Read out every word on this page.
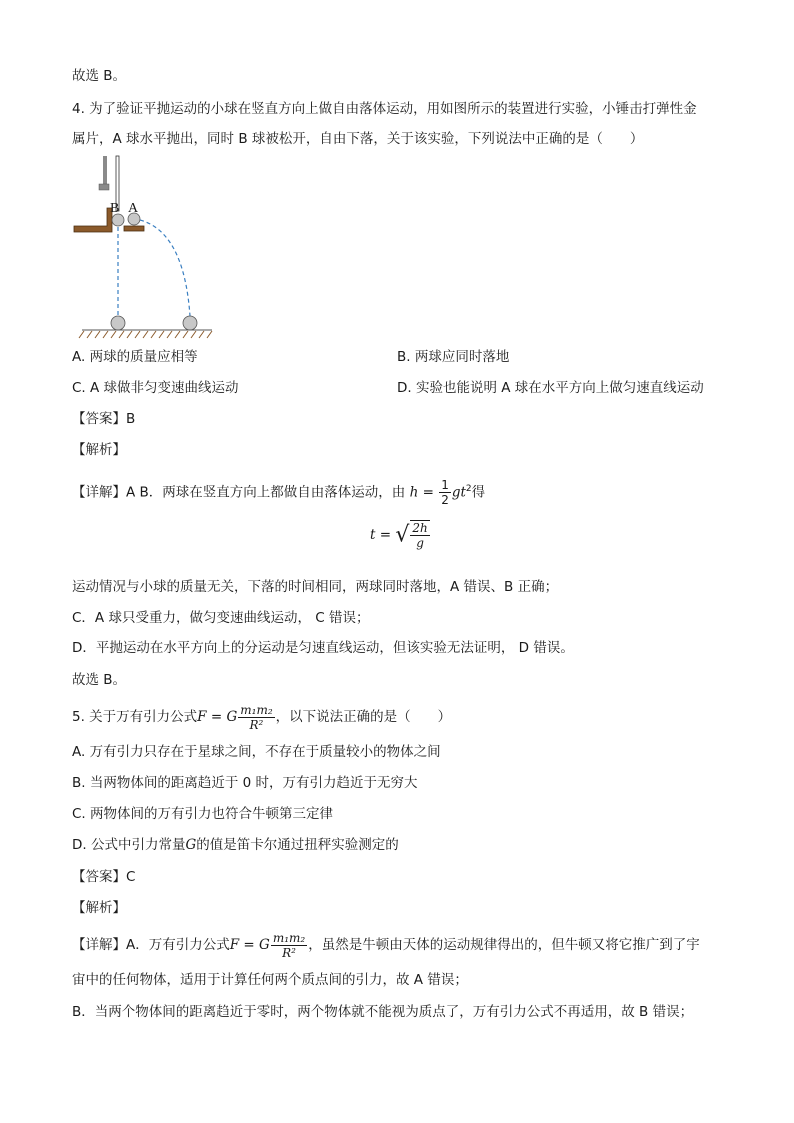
故选 B。
4. 为了验证平抛运动的小球在竖直方向上做自由落体运动，用如图所示的装置进行实验，小锤击打弹性金
属片，A 球水平抛出，同时 B 球被松开，自由下落，关于该实验，下列说法中正确的是（　　）
B A
A. 两球的质量应相等	B. 两球应同时落地
C. A 球做非匀变速曲线运动	D. 实验也能说明 A 球在水平方向上做匀速直线运动
【答案】B
【解析】
【详解】A B．两球在竖直方向上都做自由落体运动，由 $h = \frac{1}{2} gt^2$得
t = √ $\frac{2h}{g}$
运动情况与小球的质量无关，下落的时间相同，两球同时落地，A 错误、B 正确；
C．A 球只受重力，做匀变速曲线运动， C 错误；
D．平抛运动在水平方向上的分运动是匀速直线运动，但该实验无法证明， D 错误。
故选 B。
5. 关于万有引力公式F = G $\frac{\text{m₁m₂}}{\text{R²}}$ ，以下说法正确的是（　　）
A. 万有引力只存在于星球之间，不存在于质量较小的物体之间
B. 当两物体间的距离趋近于 0 时，万有引力趋近于无穷大
C. 两物体间的万有引力也符合牛顿第三定律
D. 公式中引力常量G的值是笛卡尔通过扭秤实验测定的
【答案】C
【解析】
【详解】A．万有引力公式F = G $\frac{\text{m₁m₂}}{\text{R²}}$ ，虽然是牛顿由天体的运动规律得出的，但牛顿又将它推广到了宇
宙中的任何物体，适用于计算任何两个质点间的引力，故 A 错误；
B．当两个物体间的距离趋近于零时，两个物体就不能视为质点了，万有引力公式不再适用，故 B 错误；
